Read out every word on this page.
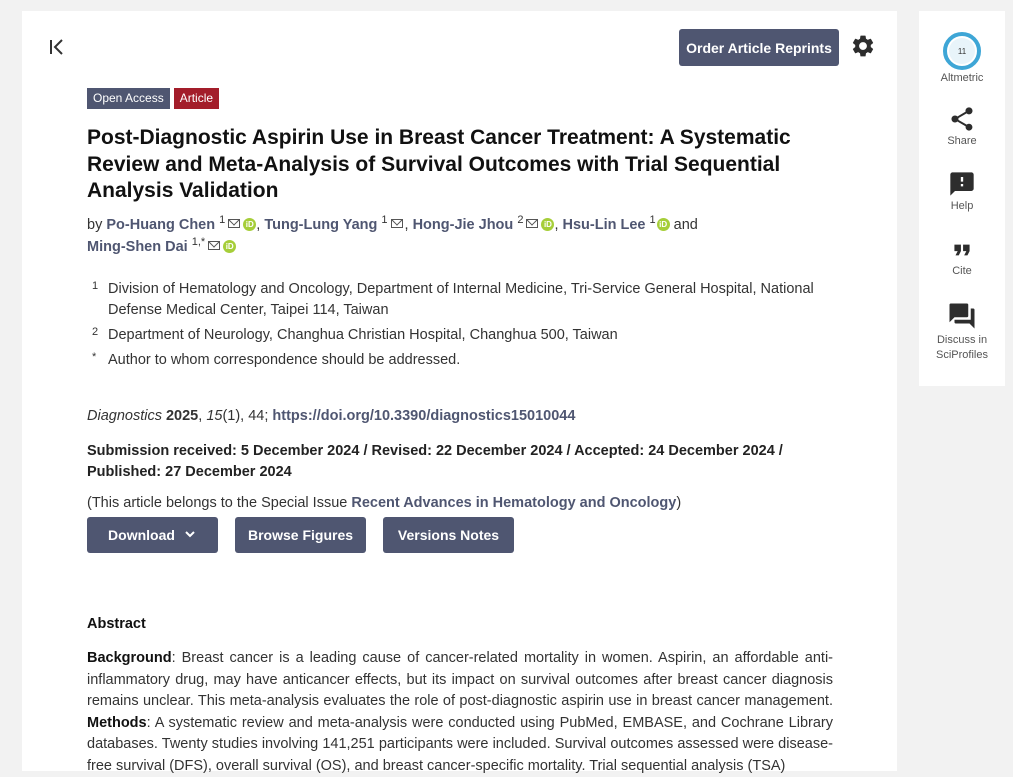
Order Article Reprints
Open Access	Article
Post-Diagnostic Aspirin Use in Breast Cancer Treatment: A Systematic Review and Meta-Analysis of Survival Outcomes with Trial Sequential Analysis Validation
by Po-Huang Chen $^1$	iD , Tung-Lung Yang $^1$ , Hong-Jie Jhou $^2$	iD , Hsu-Lin Lee $^1$ iD and
Ming-Shen Dai $^{1,*}$	iD
1 Division of Hematology and Oncology, Department of Internal Medicine, Tri-Service General Hospital, National Defense Medical Center, Taipei 114, Taiwan
2 Department of Neurology, Changhua Christian Hospital, Changhua 500, Taiwan
* Author to whom correspondence should be addressed.
Diagnostics 2025, 15(1), 44; https://doi.org/10.3390/diagnostics15010044
Submission received: 5 December 2024 / Revised: 22 December 2024 / Accepted: 24 December 2024 / Published: 27 December 2024
(This article belongs to the Special Issue Recent Advances in Hematology and Oncology)
Download	Browse Figures	Versions Notes
Abstract
Background: Breast cancer is a leading cause of cancer-related mortality in women. Aspirin, an affordable anti-inflammatory drug, may have anticancer effects, but its impact on survival outcomes after breast cancer diagnosis remains unclear. This meta-analysis evaluates the role of post-diagnostic aspirin use in breast cancer management. Methods: A systematic review and meta-analysis were conducted using PubMed, EMBASE, and Cochrane Library databases. Twenty studies involving 141,251 participants were included. Survival outcomes assessed were disease-free survival (DFS), overall survival (OS), and breast cancer-specific mortality. Trial sequential analysis (TSA)
11
Altmetric
Share
Help
Cite
Discuss in SciProfiles
